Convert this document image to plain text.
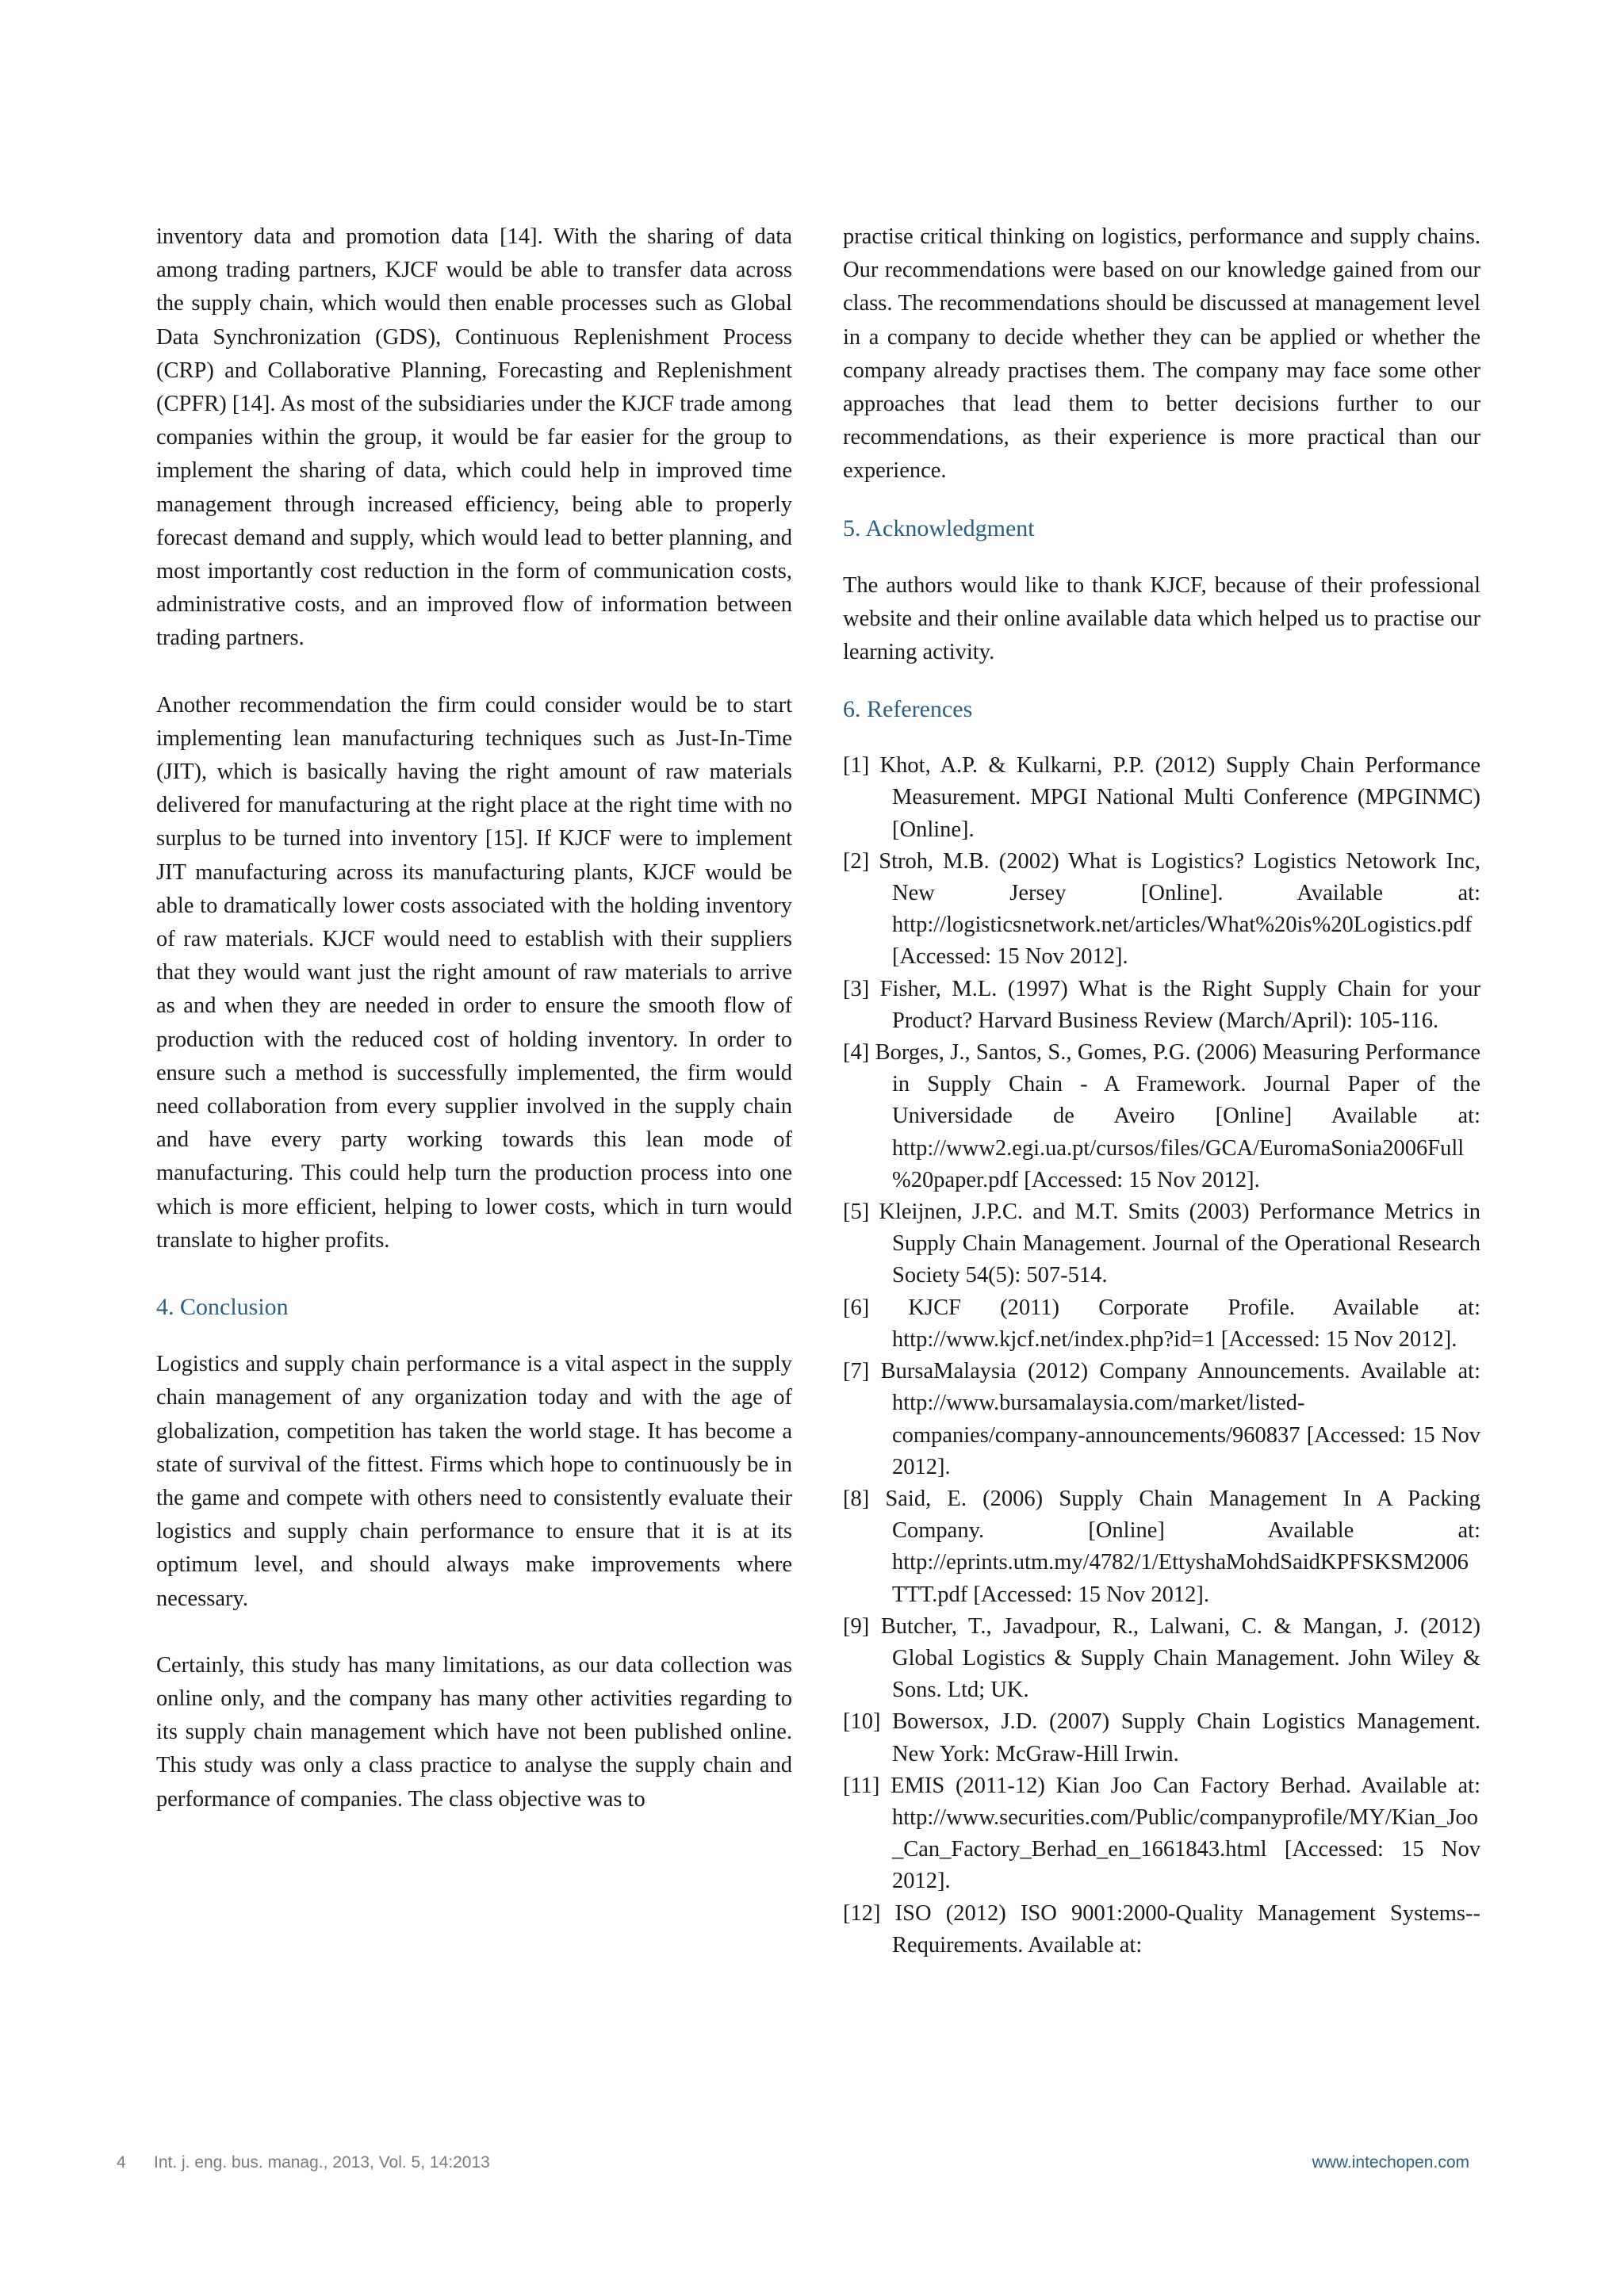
inventory data and promotion data [14]. With the sharing of data among trading partners, KJCF would be able to transfer data across the supply chain, which would then enable processes such as Global Data Synchronization (GDS), Continuous Replenishment Process (CRP) and Collaborative Planning, Forecasting and Replenishment (CPFR) [14]. As most of the subsidiaries under the KJCF trade among companies within the group, it would be far easier for the group to implement the sharing of data, which could help in improved time management through increased efficiency, being able to properly forecast demand and supply, which would lead to better planning, and most importantly cost reduction in the form of communication costs, administrative costs, and an improved flow of information between trading partners.

Another recommendation the firm could consider would be to start implementing lean manufacturing techniques such as Just-In-Time (JIT), which is basically having the right amount of raw materials delivered for manufacturing at the right place at the right time with no surplus to be turned into inventory [15]. If KJCF were to implement JIT manufacturing across its manufacturing plants, KJCF would be able to dramatically lower costs associated with the holding inventory of raw materials. KJCF would need to establish with their suppliers that they would want just the right amount of raw materials to arrive as and when they are needed in order to ensure the smooth flow of production with the reduced cost of holding inventory. In order to ensure such a method is successfully implemented, the firm would need collaboration from every supplier involved in the supply chain and have every party working towards this lean mode of manufacturing. This could help turn the production process into one which is more efficient, helping to lower costs, which in turn would translate to higher profits.

4. Conclusion

Logistics and supply chain performance is a vital aspect in the supply chain management of any organization today and with the age of globalization, competition has taken the world stage. It has become a state of survival of the fittest. Firms which hope to continuously be in the game and compete with others need to consistently evaluate their logistics and supply chain performance to ensure that it is at its optimum level, and should always make improvements where necessary.

Certainly, this study has many limitations, as our data collection was online only, and the company has many other activities regarding to its supply chain management which have not been published online. This study was only a class practice to analyse the supply chain and performance of companies. The class objective was to

practise critical thinking on logistics, performance and supply chains. Our recommendations were based on our knowledge gained from our class. The recommendations should be discussed at management level in a company to decide whether they can be applied or whether the company already practises them. The company may face some other approaches that lead them to better decisions further to our recommendations, as their experience is more practical than our experience.

5. Acknowledgment

The authors would like to thank KJCF, because of their professional website and their online available data which helped us to practise our learning activity.

6. References
[1] Khot, A.P. & Kulkarni, P.P. (2012) Supply Chain Performance Measurement. MPGI National Multi Conference (MPGINMC) [Online].
[2] Stroh, M.B. (2002) What is Logistics? Logistics Netowork Inc, New Jersey [Online]. Available at: http://logisticsnetwork.net/articles/What%20is%20Logistics.pdf [Accessed: 15 Nov 2012].
[3] Fisher, M.L. (1997) What is the Right Supply Chain for your Product? Harvard Business Review (March/April): 105-116.
[4] Borges, J., Santos, S., Gomes, P.G. (2006) Measuring Performance in Supply Chain - A Framework. Journal Paper of the Universidade de Aveiro [Online] Available at: http://www2.egi.ua.pt/cursos/files/GCA/EuromaSonia2006Full%20paper.pdf [Accessed: 15 Nov 2012].
[5] Kleijnen, J.P.C. and M.T. Smits (2003) Performance Metrics in Supply Chain Management. Journal of the Operational Research Society 54(5): 507-514.
[6] KJCF (2011) Corporate Profile. Available at: http://www.kjcf.net/index.php?id=1 [Accessed: 15 Nov 2012].
[7] BursaMalaysia (2012) Company Announcements. Available at: http://www.bursamalaysia.com/market/listed-companies/company-announcements/960837 [Accessed: 15 Nov 2012].
[8] Said, E. (2006) Supply Chain Management In A Packing Company. [Online] Available at: http://eprints.utm.my/4782/1/EttyshaMohdSaidKPFSKSM2006TTT.pdf [Accessed: 15 Nov 2012].
[9] Butcher, T., Javadpour, R., Lalwani, C. & Mangan, J. (2012) Global Logistics & Supply Chain Management. John Wiley & Sons. Ltd; UK.
[10] Bowersox, J.D. (2007) Supply Chain Logistics Management. New York: McGraw-Hill Irwin.
[11] EMIS (2011-12) Kian Joo Can Factory Berhad. Available at: http://www.securities.com/Public/companyprofile/MY/Kian_Joo_Can_Factory_Berhad_en_1661843.html [Accessed: 15 Nov 2012].
[12] ISO (2012) ISO 9001:2000-Quality Management Systems--Requirements. Available at:
4 Int. j. eng. bus. manag., 2013, Vol. 5, 14:2013	www.intechopen.com
